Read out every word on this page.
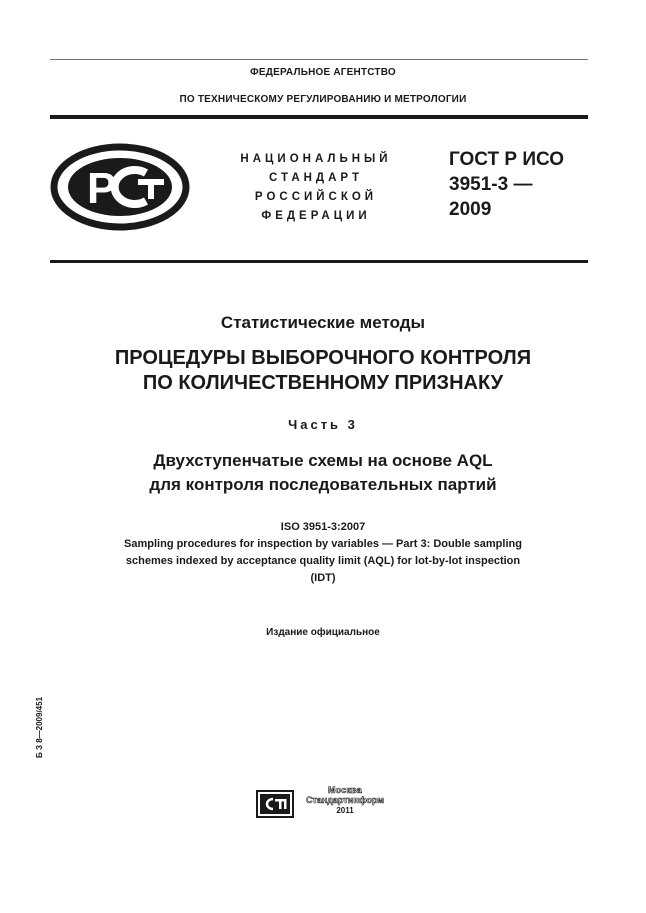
ФЕДЕРАЛЬНОЕ АГЕНТСТВО
ПО ТЕХНИЧЕСКОМУ РЕГУЛИРОВАНИЮ И МЕТРОЛОГИИ
Р
НАЦИОНАЛЬНЫЙ
СТАНДАРТ
РОССИЙСКОЙ
ФЕДЕРАЦИИ
ГОСТ Р ИСО
3951-3 —
2009
Статистические методы
ПРОЦЕДУРЫ ВЫБОРОЧНОГО КОНТРОЛЯ
ПО КОЛИЧЕСТВЕННОМУ ПРИЗНАКУ
Часть 3
Двухступенчатые схемы на основе AQL
для контроля последовательных партий
ISO 3951-3:2007
Sampling procedures for inspection by variables — Part 3: Double sampling
schemes indexed by acceptance quality limit (AQL) for lot-by-lot inspection
(IDT)
Издание официальное
Б З 8—2009/451
Москва
Стандартинформ
2011
